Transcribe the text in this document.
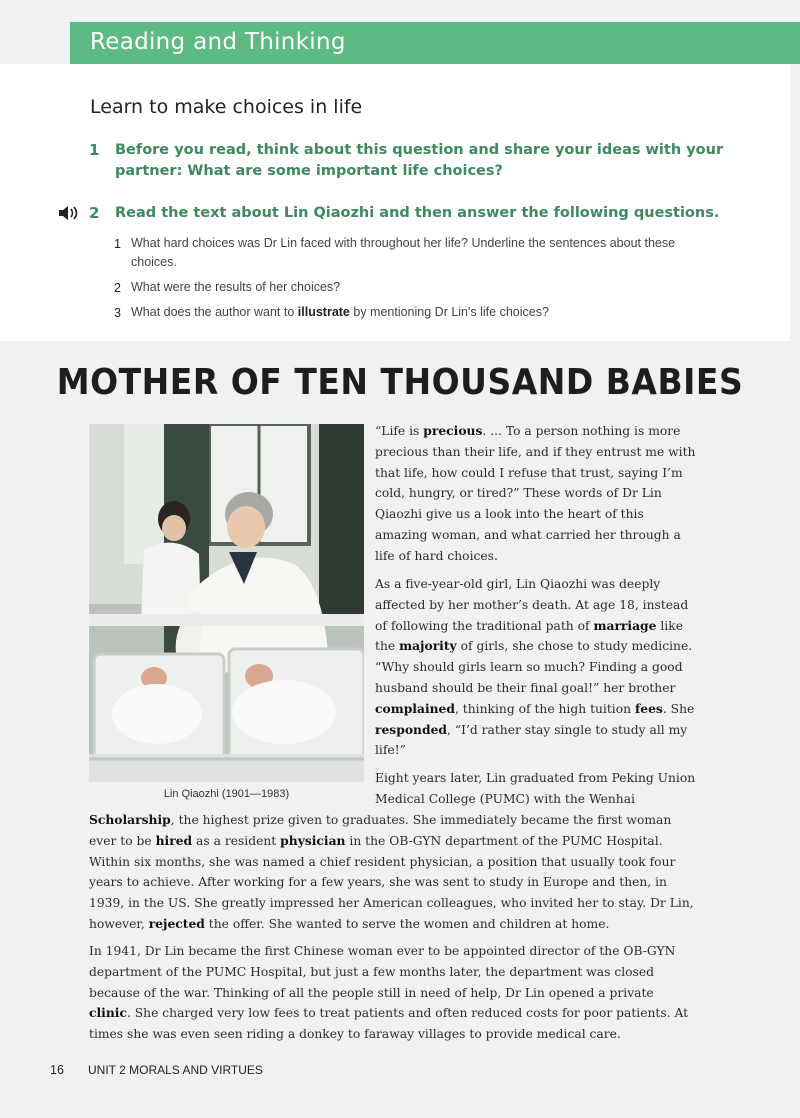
Reading and Thinking
Learn to make choices in life
1 Before you read, think about this question and share your ideas with your
partner: What are some important life choices?
2 Read the text about Lin Qiaozhi and then answer the following questions.
1 What hard choices was Dr Lin faced with throughout her life? Underline the sentences about these choices.
2 What were the results of her choices?
3 What does the author want to illustrate by mentioning Dr Lin's life choices?
MOTHER OF TEN THOUSAND BABIES
Lin Qiaozhi (1901—1983)
“Life is precious. ... To a person nothing is more precious than their life, and if they entrust me with that life, how could I refuse that trust, saying I’m cold, hungry, or tired?” These words of Dr Lin Qiaozhi give us a look into the heart of this amazing woman, and what carried her through a life of hard choices.
As a five-year-old girl, Lin Qiaozhi was deeply affected by her mother’s death. At age 18, instead of following the traditional path of marriage like the majority of girls, she chose to study medicine. “Why should girls learn so much? Finding a good husband should be their final goal!” her brother complained, thinking of the high tuition fees. She responded, “I’d rather stay single to study all my life!”
Eight years later, Lin graduated from Peking Union Medical College (PUMC) with the Wenhai
Scholarship, the highest prize given to graduates. She immediately became the first woman ever to be hired as a resident physician in the OB-GYN department of the PUMC Hospital. Within six months, she was named a chief resident physician, a position that usually took four years to achieve. After working for a few years, she was sent to study in Europe and then, in 1939, in the US. She greatly impressed her American colleagues, who invited her to stay. Dr Lin, however, rejected the offer. She wanted to serve the women and children at home.
In 1941, Dr Lin became the first Chinese woman ever to be appointed director of the OB-GYN department of the PUMC Hospital, but just a few months later, the department was closed because of the war. Thinking of all the people still in need of help, Dr Lin opened a private clinic. She charged very low fees to treat patients and often reduced costs for poor patients. At times she was even seen riding a donkey to faraway villages to provide medical care.
16 UNIT 2 MORALS AND VIRTUES
